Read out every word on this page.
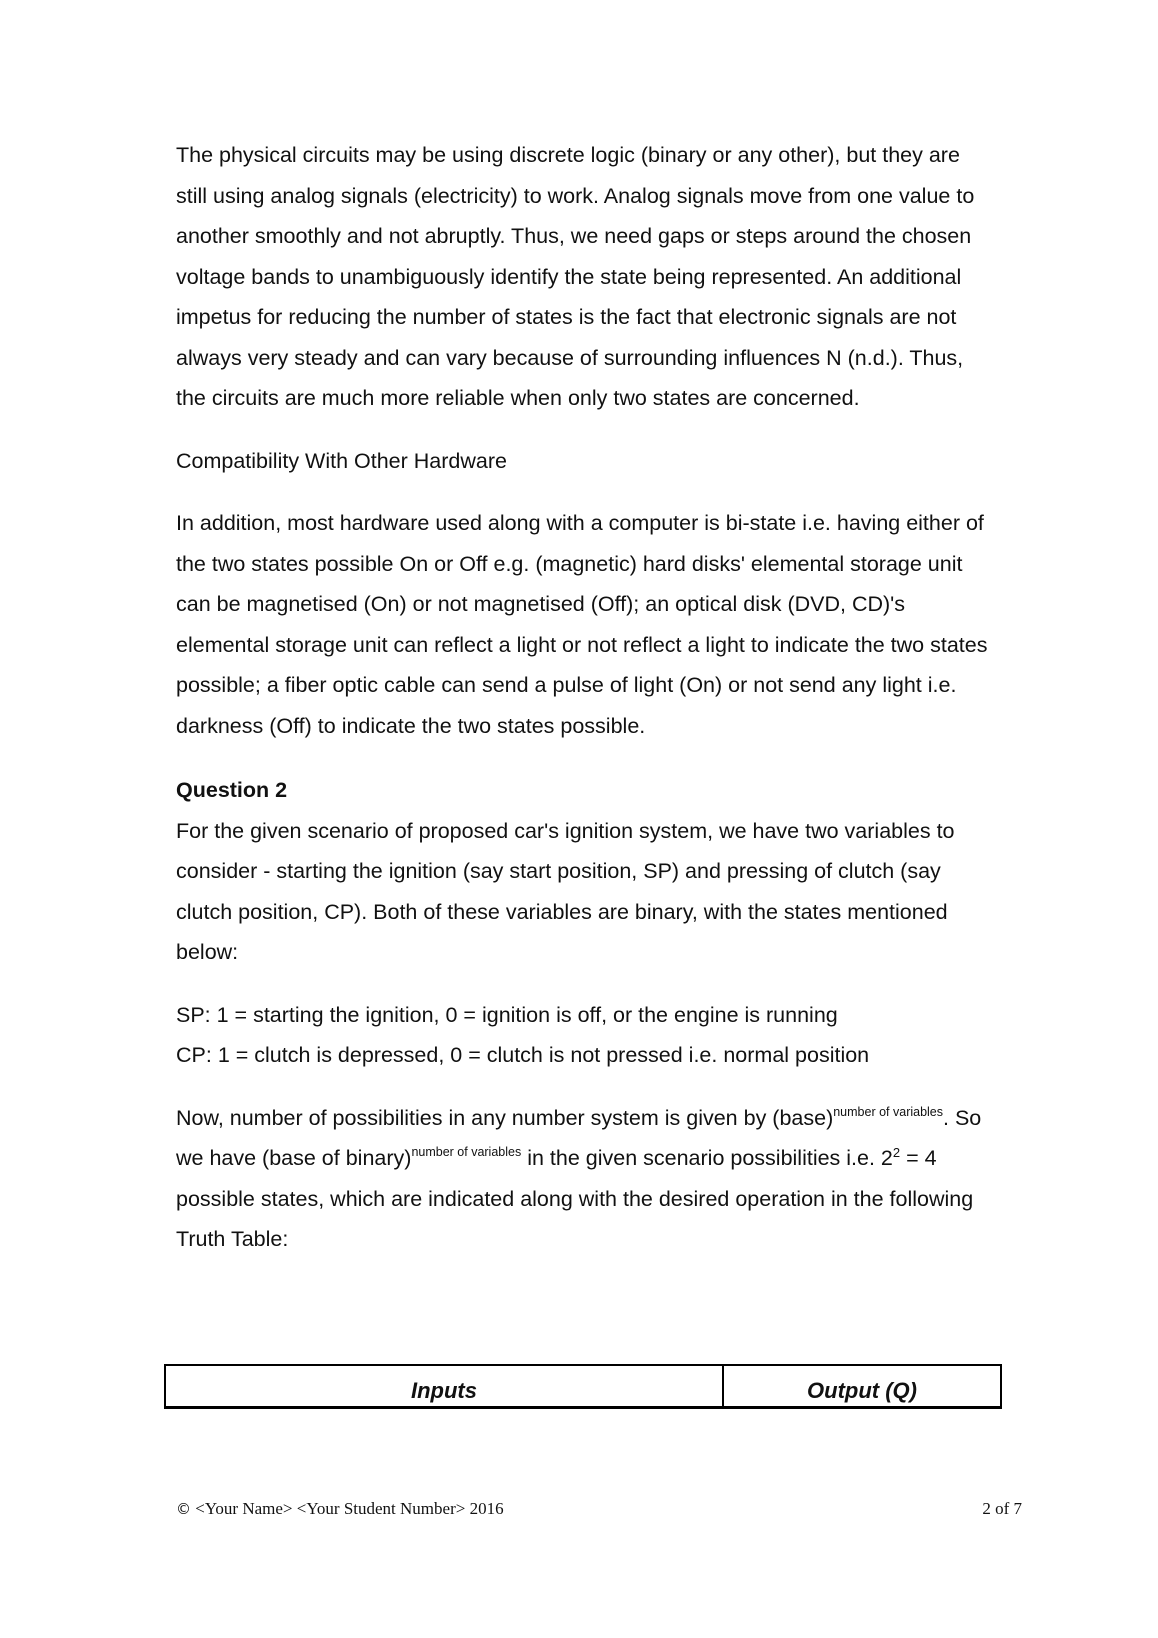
The physical circuits may be using discrete logic (binary or any other), but they are still using analog signals (electricity) to work. Analog signals move from one value to another smoothly and not abruptly. Thus, we need gaps or steps around the chosen voltage bands to unambiguously identify the state being represented. An additional impetus for reducing the number of states is the fact that electronic signals are not always very steady and can vary because of surrounding influences N (n.d.). Thus, the circuits are much more reliable when only two states are concerned.

Compatibility With Other Hardware

In addition, most hardware used along with a computer is bi-state i.e. having either of the two states possible On or Off e.g. (magnetic) hard disks' elemental storage unit can be magnetised (On) or not magnetised (Off); an optical disk (DVD, CD)'s elemental storage unit can reflect a light or not reflect a light to indicate the two states possible; a fiber optic cable can send a pulse of light (On) or not send any light i.e. darkness (Off) to indicate the two states possible.

Question 2

For the given scenario of proposed car's ignition system, we have two variables to consider - starting the ignition (say start position, SP) and pressing of clutch (say clutch position, CP). Both of these variables are binary, with the states mentioned below:

SP: 1 = starting the ignition, 0 = ignition is off, or the engine is running

CP: 1 = clutch is depressed, 0 = clutch is not pressed i.e. normal position

Now, number of possibilities in any number system is given by (base)$^{number of variables}$. So we have (base of binary)$^{number of variables}$ in the given scenario possibilities i.e. $2^2 = 4$ possible states, which are indicated along with the desired operation in the following Truth Table:

Inputs	Output (Q)
© <Your Name> <Your Student Number> 2016	2 of 7
